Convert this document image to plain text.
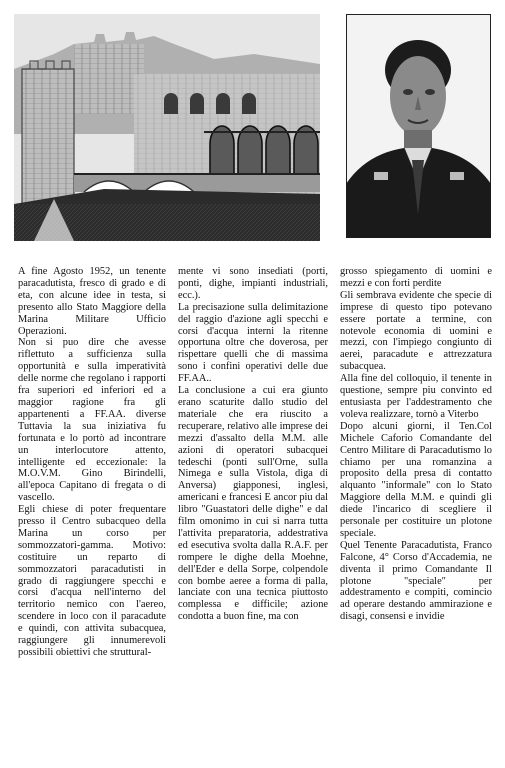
A fine Agosto 1952, un tenente paracadutista, fresco di grado e di eta, con alcune idee in testa, si presento allo Stato Maggiore della Marina Militare Ufficio Operazioni.

Non si puo dire che avesse riflettuto a sufficienza sulla opportunità e sulla imperatività delle norme che regolano i rapporti fra superiori ed inferiori ed a maggior ragione fra gli appartenenti a FF.AA. diverse Tuttavia la sua iniziativa fu fortunata e lo portò ad incontrare un interlocutore attento, intelligente ed eccezionale: la M.O.V.M. Gino Birindelli, all'epoca Capitano di fregata o di vascello.

Egli chiese di poter frequentare presso il Centro subacqueo della Marina un corso per sommozzatori-gamma. Motivo: costituire un reparto di sommozzatori paracadutisti in grado di raggiungere specchi e corsi d'acqua nell'interno del territorio nemico con l'aereo, scendere in loco con il paracadute e quindi, con attivita subacquea, raggiungere gli innumerevoli possibili obiettivi che struttural-

mente vi sono insediati (porti, ponti, dighe, impianti industriali, ecc.).

La precisazione sulla delimitazione del raggio d'azione agli specchi e corsi d'acqua interni la ritenne opportuna oltre che doverosa, per rispettare quelli che di massima sono i confini operativi delle due FF.AA..

La conclusione a cui era giunto erano scaturite dallo studio del materiale che era riuscito a recuperare, relativo alle imprese dei mezzi d'assalto della M.M. alle azioni di operatori subacquei tedeschi (ponti sull'Orne, sulla Nimega e sulla Vistola, diga di Anversa) giapponesi, inglesi, americani e francesi E ancor piu dal libro "Guastatori delle dighe" e dal film omonimo in cui si narra tutta l'attivita preparatoria, addestrativa ed esecutiva svolta dalla R.A.F. per rompere le dighe della Moehne, dell'Eder e della Sorpe, colpendole con bombe aeree a forma di palla, lanciate con una tecnica piuttosto complessa e difficile; azione condotta a buon fine, ma con

grosso spiegamento di uomini e mezzi e con forti perdite

Gli sembrava evidente che specie di imprese di questo tipo potevano essere portate a termine, con notevole economia di uomini e mezzi, con l'impiego congiunto di aerei, paracadute e attrezzatura subacquea.

Alla fine del colloquio, il tenente in questione, sempre piu convinto ed entusiasta per l'addestramento che voleva realizzare, tornò a Viterbo

Dopo alcuni giorni, il Ten.Col Michele Caforio Comandante del Centro Militare di Paracadutismo lo chiamo per una romanzina a proposito della presa di contatto alquanto "informale" con lo Stato Maggiore della M.M. e quindi gli diede l'incarico di scegliere il personale per costituire un plotone speciale.

Quel Tenente Paracadutista, Franco Falcone, 4° Corso d'Accademia, ne diventa il primo Comandante Il plotone "speciale" per addestramento e compiti, comincio ad operare destando ammirazione e disagi, consensi e invidie
